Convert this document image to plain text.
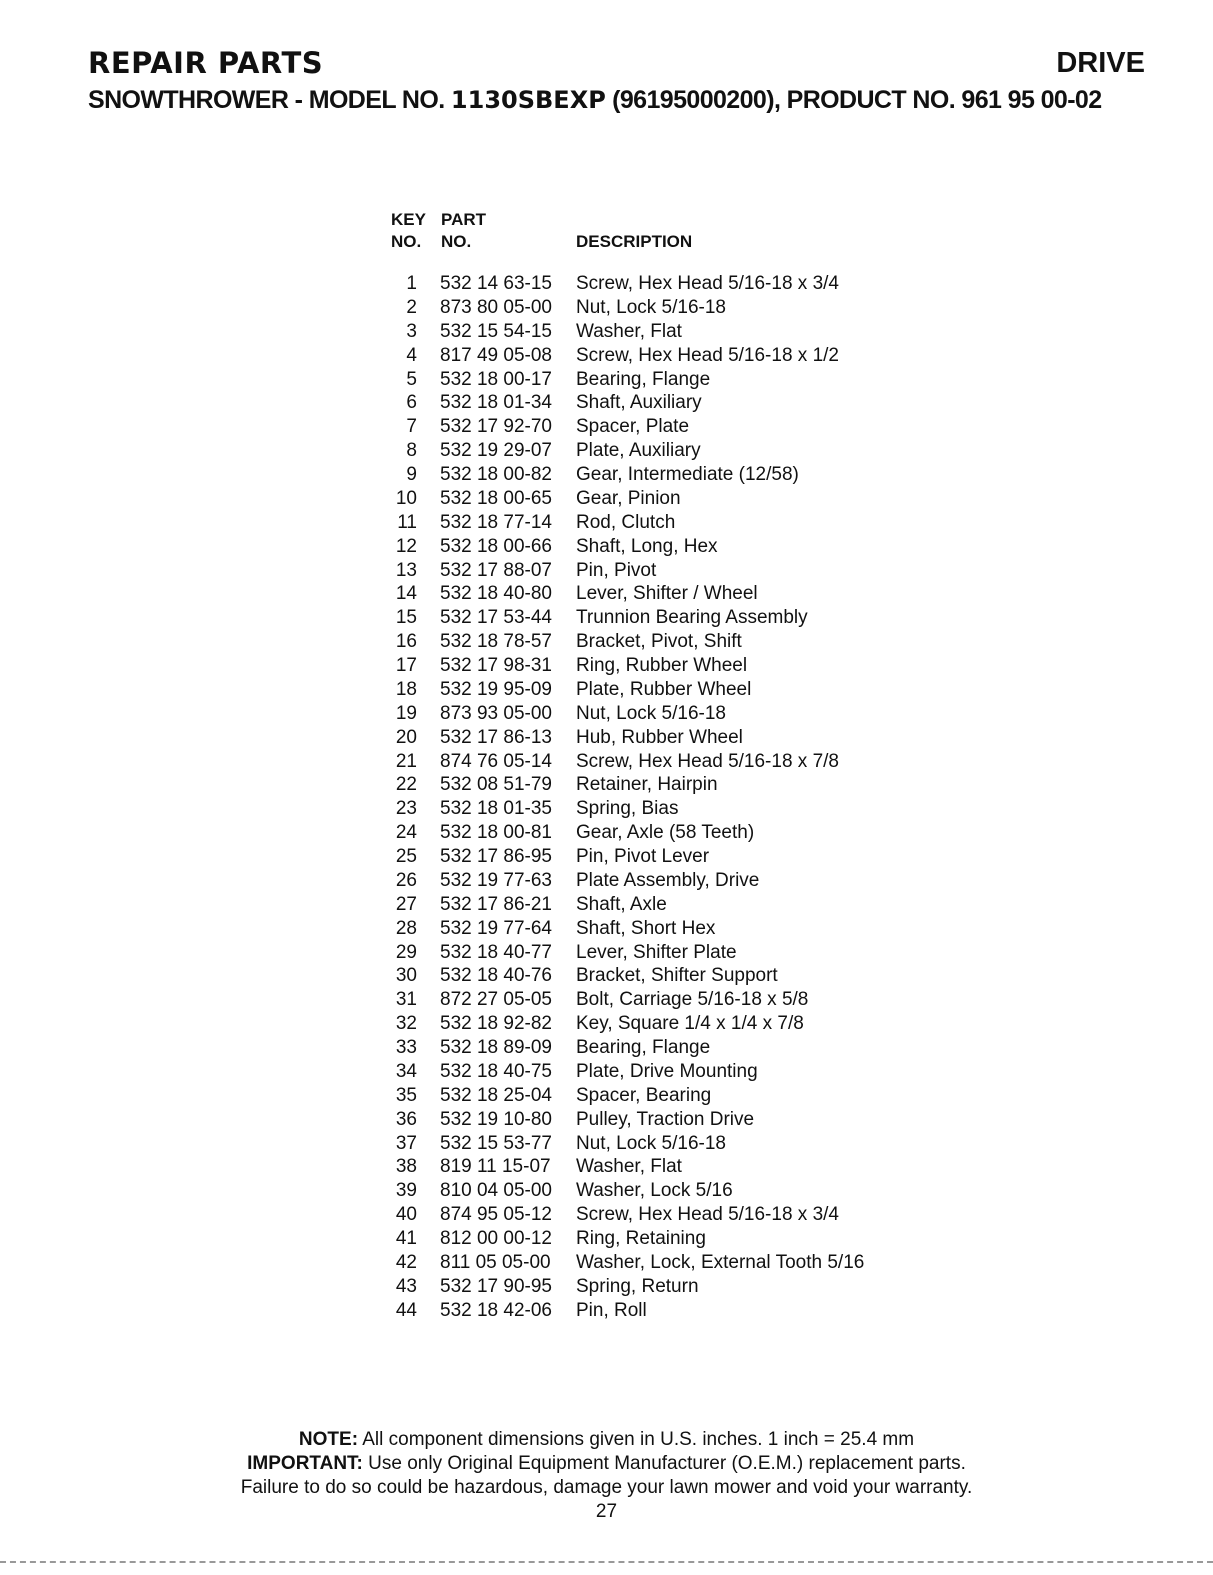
REPAIR PARTS	DRIVE
SNOWTHROWER - MODEL NO. 1130SBEXP (96195000200), PRODUCT NO. 961 95 00-02
KEY
NO.
PART
NO.	DESCRIPTION
1 532 14 63-15 Screw, Hex Head 5/16-18 x 3/4
2 873 80 05-00 Nut, Lock 5/16-18
3 532 15 54-15 Washer, Flat
4 817 49 05-08 Screw, Hex Head 5/16-18 x 1/2
5 532 18 00-17 Bearing, Flange
6 532 18 01-34 Shaft, Auxiliary
7 532 17 92-70 Spacer, Plate
8 532 19 29-07 Plate, Auxiliary
9 532 18 00-82 Gear, Intermediate (12/58)
10 532 18 00-65 Gear, Pinion
11 532 18 77-14 Rod, Clutch
12 532 18 00-66 Shaft, Long, Hex
13 532 17 88-07 Pin, Pivot
14 532 18 40-80 Lever, Shifter / Wheel
15 532 17 53-44 Trunnion Bearing Assembly
16 532 18 78-57 Bracket, Pivot, Shift
17 532 17 98-31 Ring, Rubber Wheel
18 532 19 95-09 Plate, Rubber Wheel
19 873 93 05-00 Nut, Lock 5/16-18
20 532 17 86-13 Hub, Rubber Wheel
21 874 76 05-14 Screw, Hex Head 5/16-18 x 7/8
22 532 08 51-79 Retainer, Hairpin
23 532 18 01-35 Spring, Bias
24 532 18 00-81 Gear, Axle (58 Teeth)
25 532 17 86-95 Pin, Pivot Lever
26 532 19 77-63 Plate Assembly, Drive
27 532 17 86-21 Shaft, Axle
28 532 19 77-64 Shaft, Short Hex
29 532 18 40-77 Lever, Shifter Plate
30 532 18 40-76 Bracket, Shifter Support
31 872 27 05-05 Bolt, Carriage 5/16-18 x 5/8
32 532 18 92-82 Key, Square 1/4 x 1/4 x 7/8
33 532 18 89-09 Bearing, Flange
34 532 18 40-75 Plate, Drive Mounting
35 532 18 25-04 Spacer, Bearing
36 532 19 10-80 Pulley, Traction Drive
37 532 15 53-77 Nut, Lock 5/16-18
38 819 11 15-07 Washer, Flat
39 810 04 05-00 Washer, Lock 5/16
40 874 95 05-12 Screw, Hex Head 5/16-18 x 3/4
41 812 00 00-12 Ring, Retaining
42 811 05 05-00 Washer, Lock, External Tooth 5/16
43 532 17 90-95 Spring, Return
44 532 18 42-06 Pin, Roll
NOTE: All component dimensions given in U.S. inches. 1 inch = 25.4 mm
IMPORTANT: Use only Original Equipment Manufacturer (O.E.M.) replacement parts.
Failure to do so could be hazardous, damage your lawn mower and void your warranty.
27
